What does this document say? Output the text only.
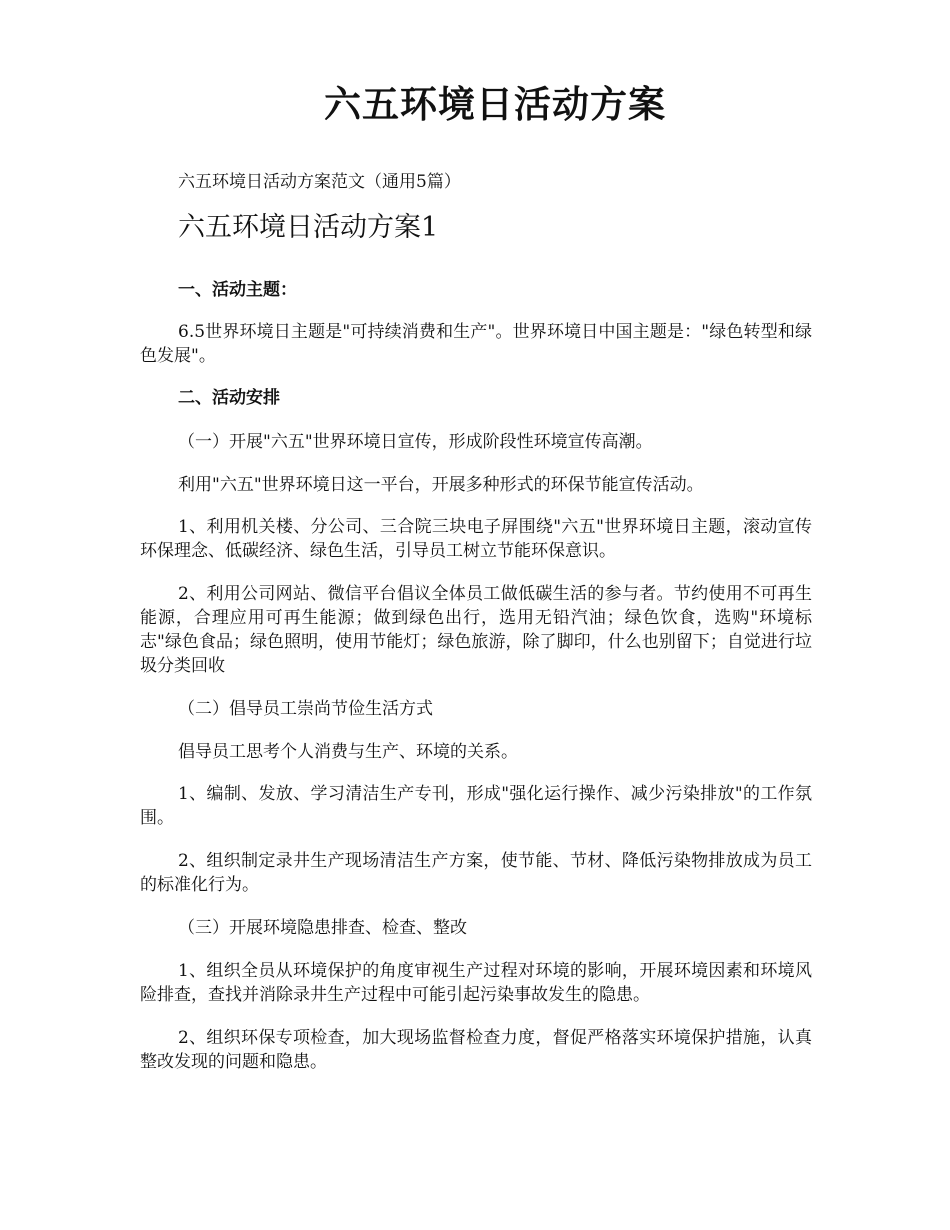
六五环境日活动方案

六五环境日活动方案范文（通用5篇）

六五环境日活动方案1

一、活动主题：

6.5世界环境日主题是"可持续消费和生产"。世界环境日中国主题是："绿色转型和绿色发展"。

二、活动安排

（一）开展"六五"世界环境日宣传，形成阶段性环境宣传高潮。

利用"六五"世界环境日这一平台，开展多种形式的环保节能宣传活动。

1、利用机关楼、分公司、三合院三块电子屏围绕"六五"世界环境日主题，滚动宣传环保理念、低碳经济、绿色生活，引导员工树立节能环保意识。

2、利用公司网站、微信平台倡议全体员工做低碳生活的参与者。节约使用不可再生能源，合理应用可再生能源；做到绿色出行，选用无铅汽油；绿色饮食，选购"环境标志"绿色食品；绿色照明，使用节能灯；绿色旅游，除了脚印，什么也别留下；自觉进行垃圾分类回收

（二）倡导员工崇尚节俭生活方式

倡导员工思考个人消费与生产、环境的关系。

1、编制、发放、学习清洁生产专刊，形成"强化运行操作、减少污染排放"的工作氛围。

2、组织制定录井生产现场清洁生产方案，使节能、节材、降低污染物排放成为员工的标准化行为。

（三）开展环境隐患排查、检查、整改

1、组织全员从环境保护的角度审视生产过程对环境的影响，开展环境因素和环境风险排查，查找并消除录井生产过程中可能引起污染事故发生的隐患。

2、组织环保专项检查，加大现场监督检查力度，督促严格落实环境保护措施，认真整改发现的问题和隐患。
